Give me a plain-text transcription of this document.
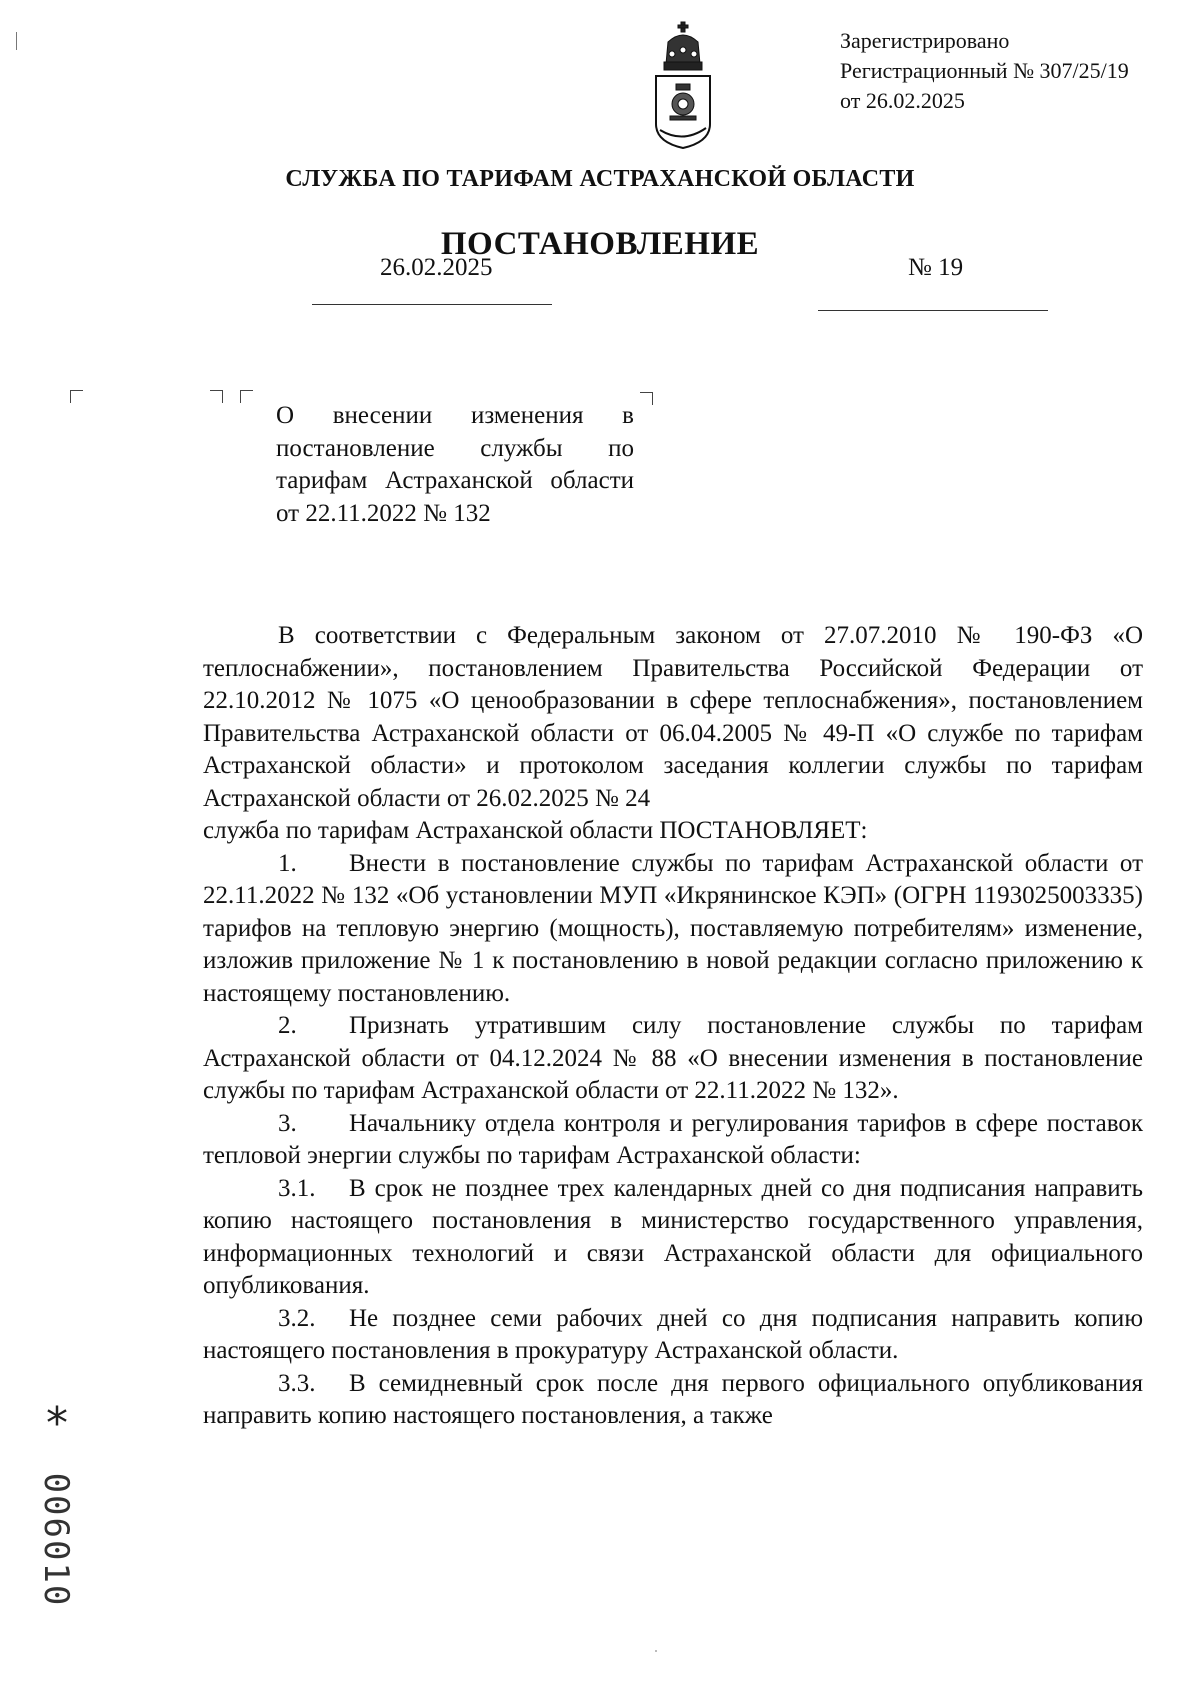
Зарегистрировано
Регистрационный № 307/25/19
от 26.02.2025
СЛУЖБА ПО ТАРИФАМ АСТРАХАНСКОЙ ОБЛАСТИ
ПОСТАНОВЛЕНИЕ
26.02.2025	№ 19
О внесении изменения в постановление службы по тарифам Астраханской области от 22.11.2022 № 132

В соответствии с Федеральным законом от 27.07.2010 № 190-ФЗ «О теплоснабжении», постановлением Правительства Российской Федерации от 22.10.2012 № 1075 «О ценообразовании в сфере теплоснабжения», постановлением Правительства Астраханской области от 06.04.2005 № 49-П «О службе по тарифам Астраханской области» и протоколом заседания коллегии службы по тарифам Астраханской области от 26.02.2025 № 24

служба по тарифам Астраханской области ПОСТАНОВЛЯЕТ:

1. Внести в постановление службы по тарифам Астраханской области от 22.11.2022 № 132 «Об установлении МУП «Икрянинское КЭП» (ОГРН 1193025003335) тарифов на тепловую энергию (мощность), поставляемую потребителям» изменение, изложив приложение № 1 к постановлению в новой редакции согласно приложению к настоящему постановлению.

2. Признать утратившим силу постановление службы по тарифам Астраханской области от 04.12.2024 № 88 «О внесении изменения в постановление службы по тарифам Астраханской области от 22.11.2022 № 132».

3. Начальнику отдела контроля и регулирования тарифов в сфере поставок тепловой энергии службы по тарифам Астраханской области:

3.1. В срок не позднее трех календарных дней со дня подписания направить копию настоящего постановления в министерство государственного управления, информационных технологий и связи Астраханской области для официального опубликования.

3.2. Не позднее семи рабочих дней со дня подписания направить копию настоящего постановления в прокуратуру Астраханской области.

3.3. В семидневный срок после дня первого официального опубликования направить копию настоящего постановления, а также

*
006010
